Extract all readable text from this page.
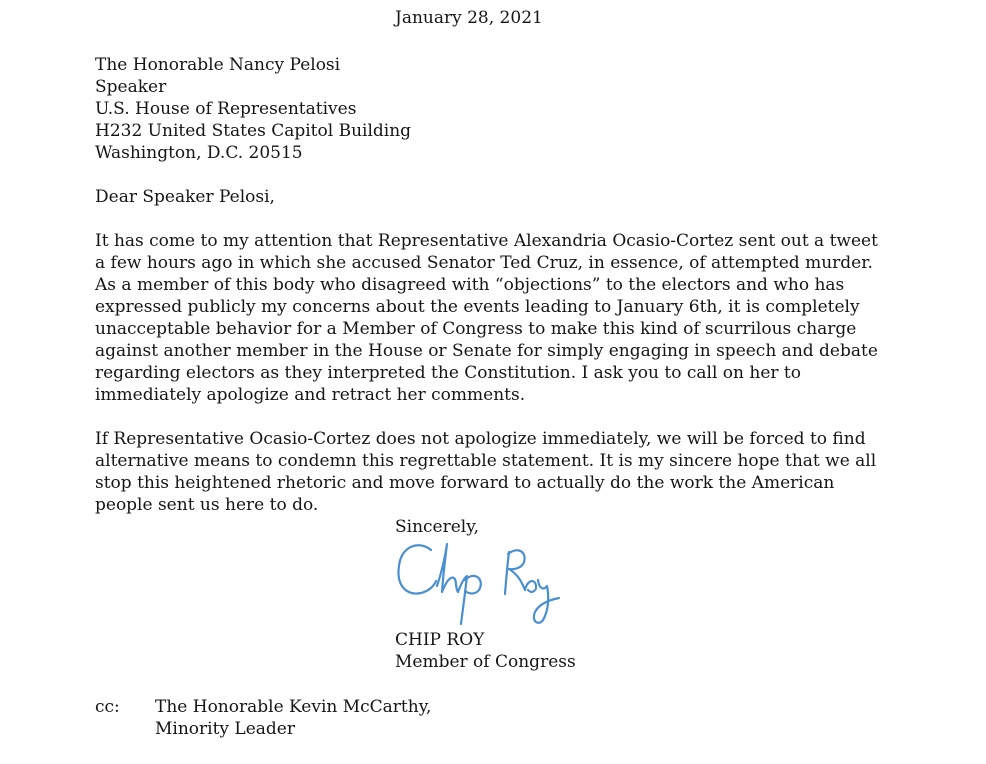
January 28, 2021
The Honorable Nancy Pelosi
Speaker
U.S. House of Representatives
H232 United States Capitol Building
Washington, D.C. 20515
Dear Speaker Pelosi,
It has come to my attention that Representative Alexandria Ocasio-Cortez sent out a tweet
a few hours ago in which she accused Senator Ted Cruz, in essence, of attempted murder.
As a member of this body who disagreed with “objections” to the electors and who has
expressed publicly my concerns about the events leading to January 6th, it is completely
unacceptable behavior for a Member of Congress to make this kind of scurrilous charge
against another member in the House or Senate for simply engaging in speech and debate
regarding electors as they interpreted the Constitution. I ask you to call on her to
immediately apologize and retract her comments.
If Representative Ocasio-Cortez does not apologize immediately, we will be forced to find
alternative means to condemn this regrettable statement. It is my sincere hope that we all
stop this heightened rhetoric and move forward to actually do the work the American
people sent us here to do.
Sincerely,
CHIP ROY
Member of Congress
cc: The Honorable Kevin McCarthy,
Minority Leader
